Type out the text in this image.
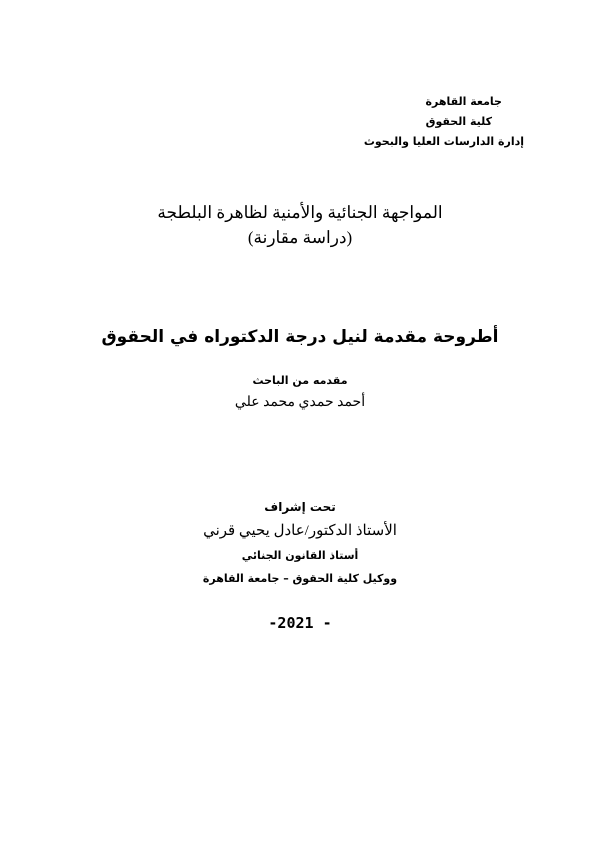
جامعة القاهرة
كلية الحقوق
إدارة الدارسات العليا والبحوث
المواجهة الجنائية والأمنية لظاهرة البلطجة
(دراسة مقارنة)
أطروحة مقدمة لنيل درجة الدكتوراه في الحقوق
مقدمه من الباحث
أحمد حمدي محمد علي
تحت إشراف
الأستاذ الدكتور/عادل يحيي قرني
أستاذ القانون الجنائي
ووكيل كلية الحقوق – جامعة القاهرة
-2021 -
